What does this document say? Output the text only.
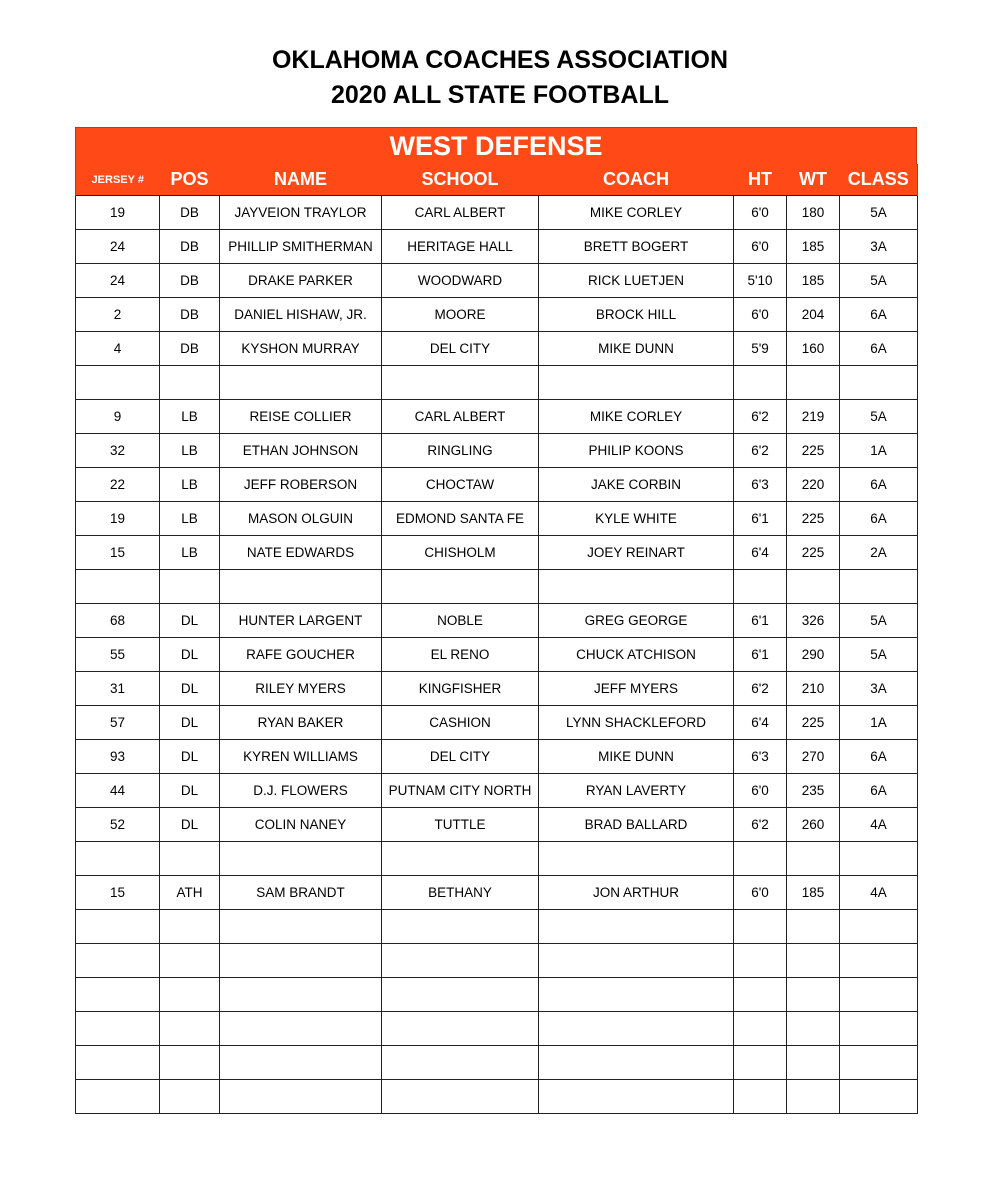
OKLAHOMA COACHES ASSOCIATION
2020 ALL STATE FOOTBALL
WEST DEFENSE
JERSEY #	POS	NAME	SCHOOL	COACH	HT	WT	CLASS
19	DB	JAYVEION TRAYLOR	CARL ALBERT	MIKE CORLEY	6'0	180	5A
24	DB	PHILLIP SMITHERMAN	HERITAGE HALL	BRETT BOGERT	6'0	185	3A
24	DB	DRAKE PARKER	WOODWARD	RICK LUETJEN	5'10	185	5A
2	DB	DANIEL HISHAW, JR.	MOORE	BROCK HILL	6'0	204	6A
4	DB	KYSHON MURRAY	DEL CITY	MIKE DUNN	5'9	160	6A

9	LB	REISE COLLIER	CARL ALBERT	MIKE CORLEY	6'2	219	5A
32	LB	ETHAN JOHNSON	RINGLING	PHILIP KOONS	6'2	225	1A
22	LB	JEFF ROBERSON	CHOCTAW	JAKE CORBIN	6'3	220	6A
19	LB	MASON OLGUIN	EDMOND SANTA FE	KYLE WHITE	6'1	225	6A
15	LB	NATE EDWARDS	CHISHOLM	JOEY REINART	6'4	225	2A

68	DL	HUNTER LARGENT	NOBLE	GREG GEORGE	6'1	326	5A
55	DL	RAFE GOUCHER	EL RENO	CHUCK ATCHISON	6'1	290	5A
31	DL	RILEY MYERS	KINGFISHER	JEFF MYERS	6'2	210	3A
57	DL	RYAN BAKER	CASHION	LYNN SHACKLEFORD	6'4	225	1A
93	DL	KYREN WILLIAMS	DEL CITY	MIKE DUNN	6'3	270	6A
44	DL	D.J. FLOWERS	PUTNAM CITY NORTH	RYAN LAVERTY	6'0	235	6A
52	DL	COLIN NANEY	TUTTLE	BRAD BALLARD	6'2	260	4A

15	ATH	SAM BRANDT	BETHANY	JON ARTHUR	6'0	185	4A
